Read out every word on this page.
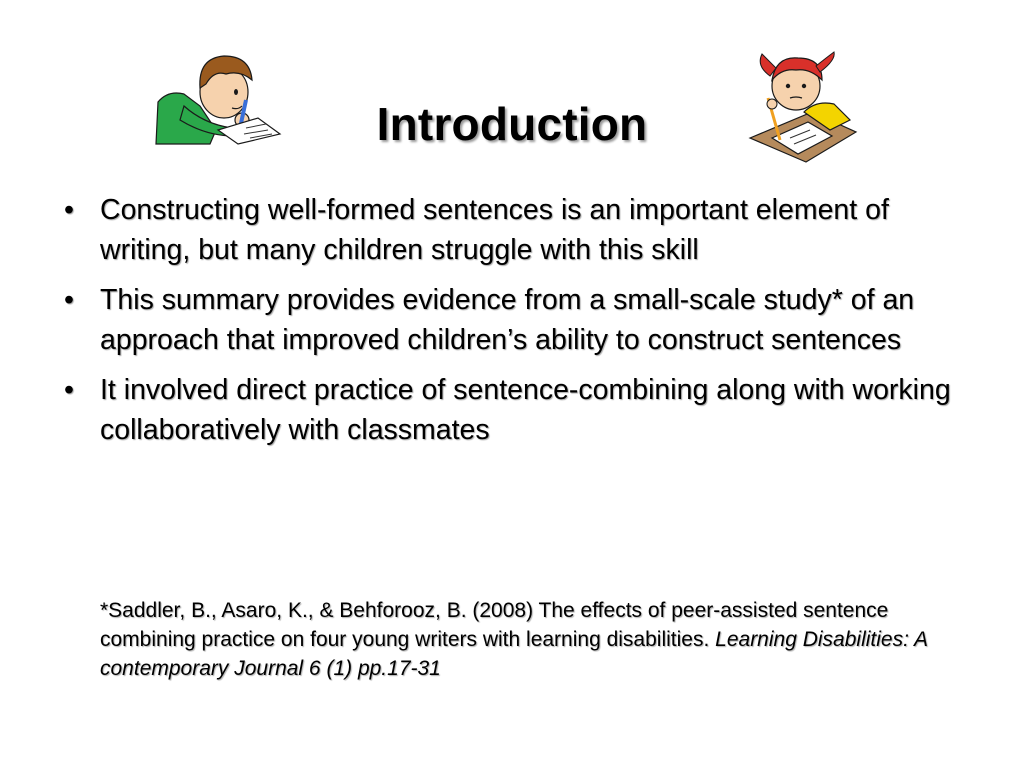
Introduction
• Constructing well-formed sentences is an important element of writing, but many children struggle with this skill
• This summary provides evidence from a small-scale study* of an approach that improved children’s ability to construct sentences
• It involved direct practice of sentence-combining along with working collaboratively with classmates
*Saddler, B., Asaro, K., & Behforooz, B. (2008) The effects of peer-assisted sentence combining practice on four young writers with learning disabilities. Learning Disabilities: A contemporary Journal 6 (1) pp.17-31
